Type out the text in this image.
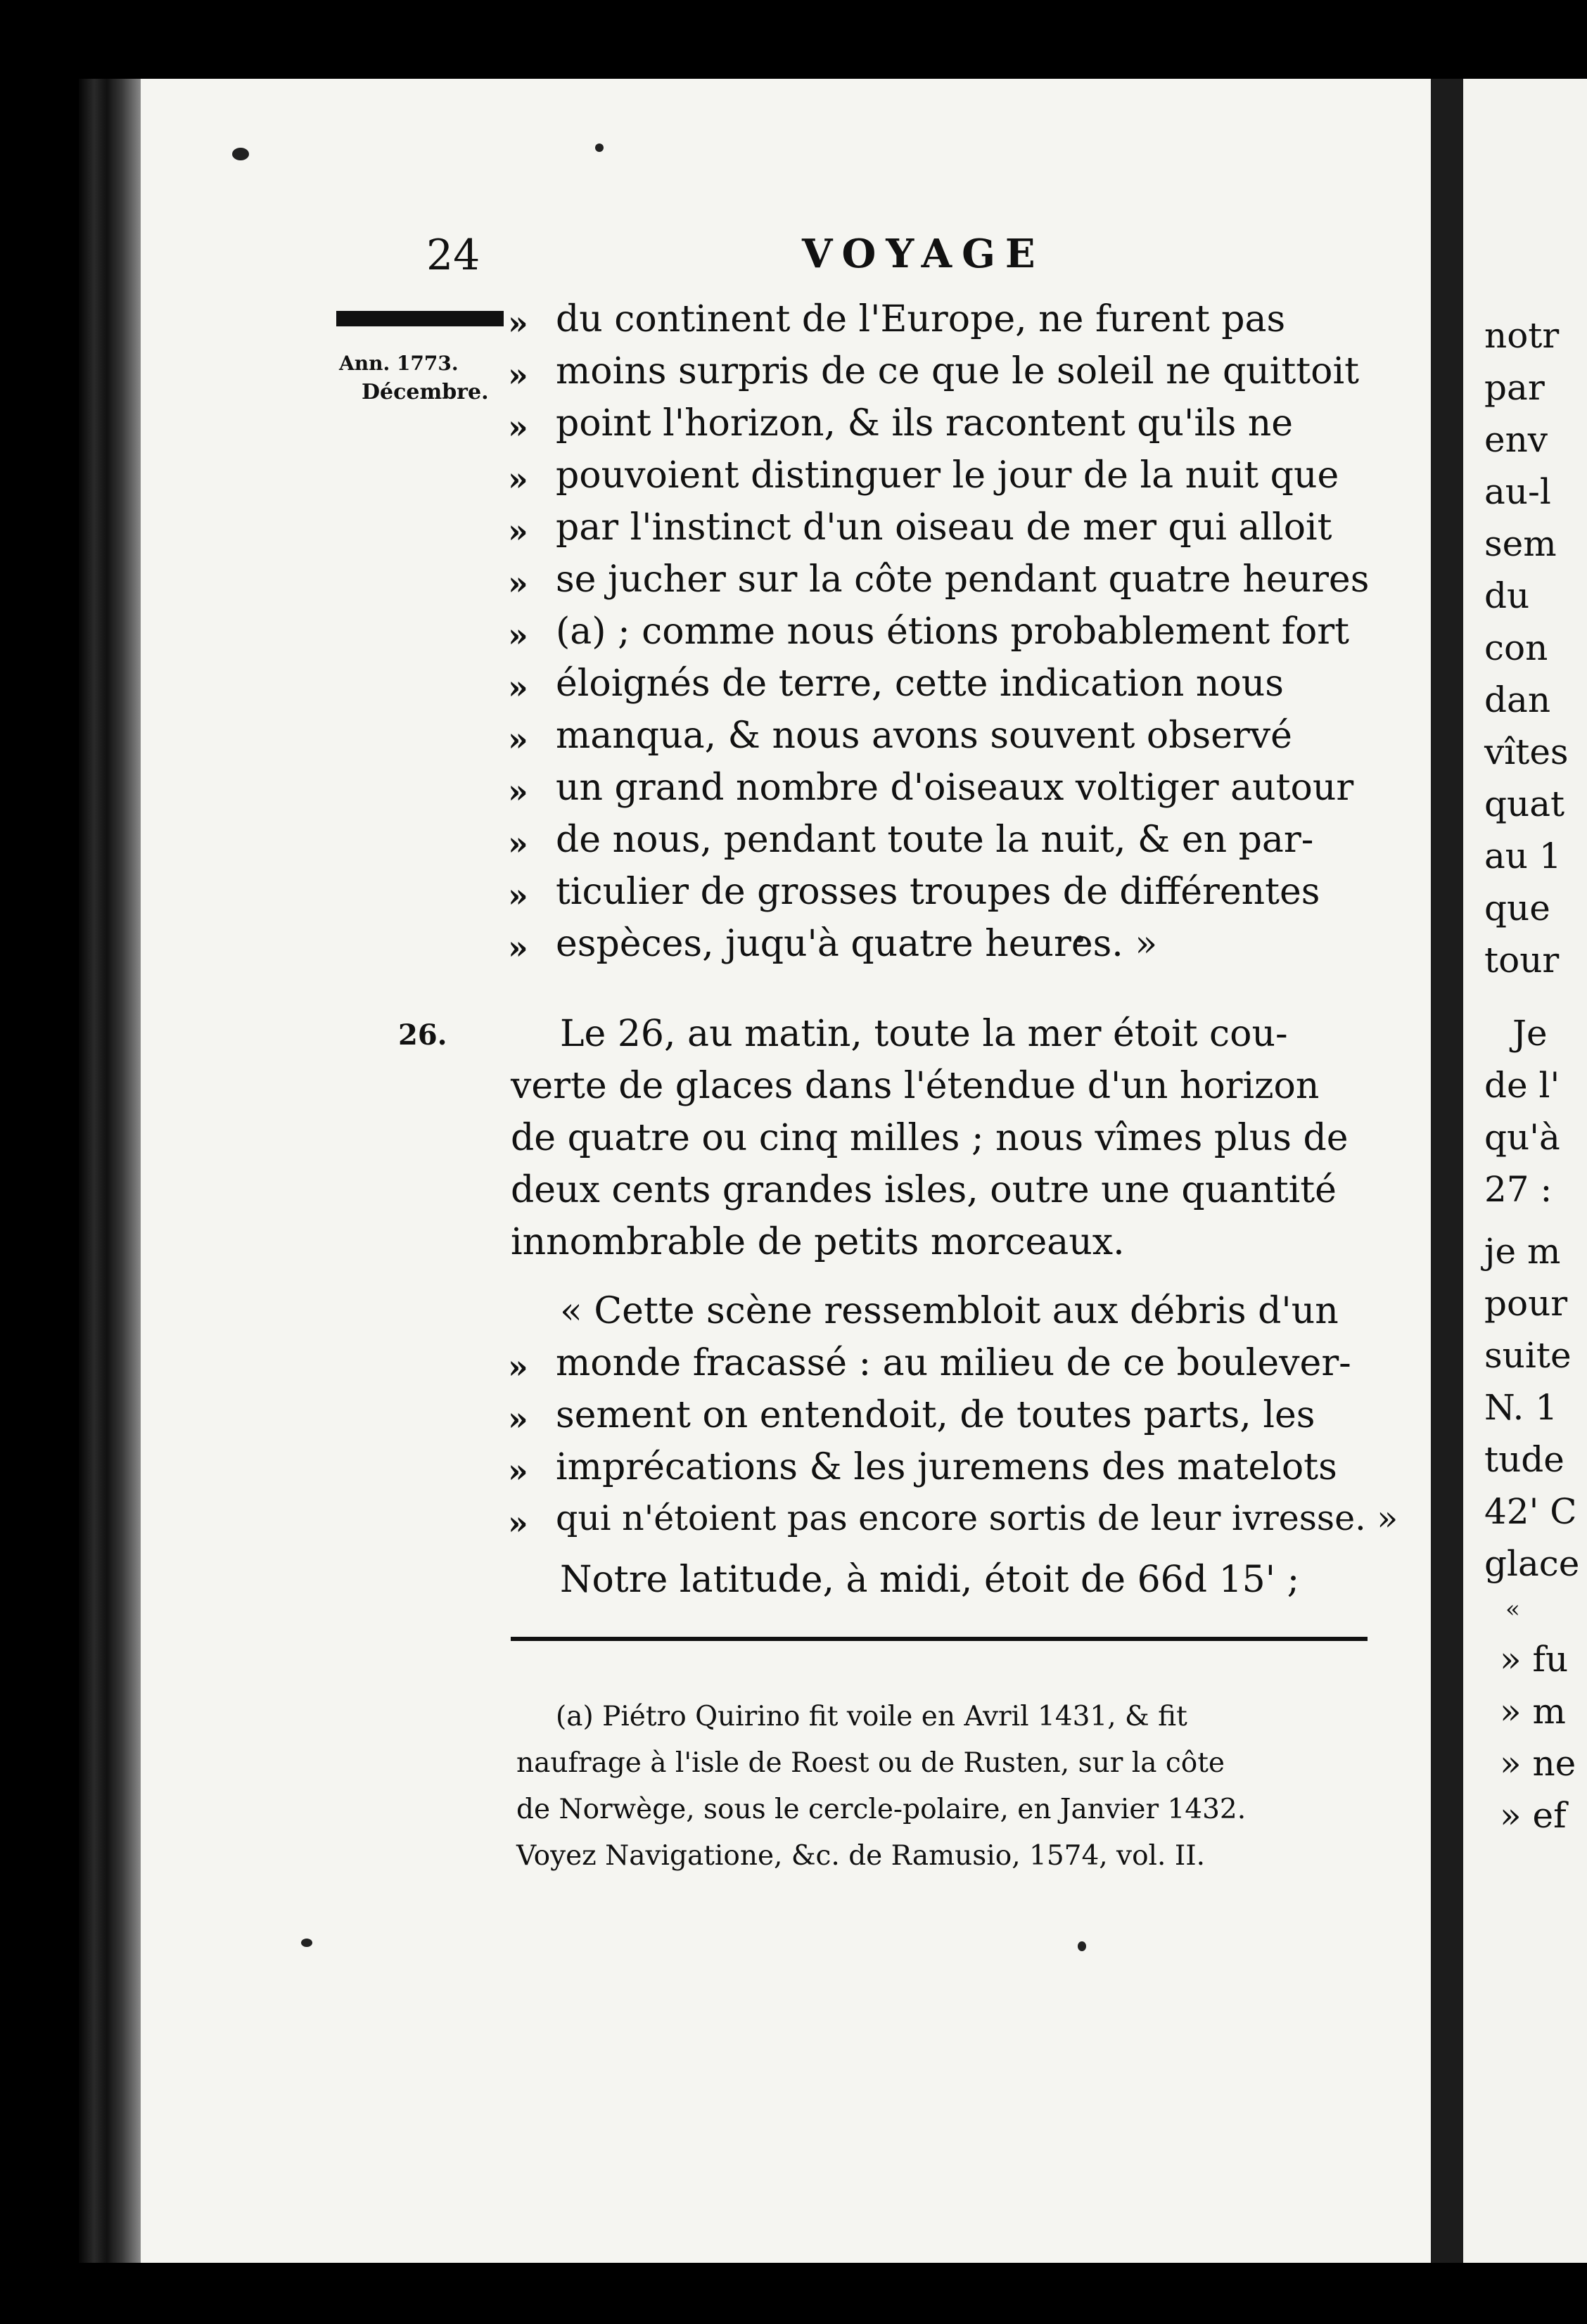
24	VOYAGE
Ann. 1773.
Décembre.
26.
»
»
»
»
»
»
»
»
»
»
»
»
»
»
»
»
»
du continent de l'Europe, ne furent pas
moins surpris de ce que le soleil ne quittoit
point l'horizon, & ils racontent qu'ils ne
pouvoient distinguer le jour de la nuit que
par l'instinct d'un oiseau de mer qui alloit
se jucher sur la côte pendant quatre heures
(a) ; comme nous étions probablement fort
éloignés de terre, cette indication nous
manqua, & nous avons souvent observé
un grand nombre d'oiseaux voltiger autour
de nous, pendant toute la nuit, & en par-
ticulier de grosses troupes de différentes
espèces, juqu'à quatre heures. »
Le 26, au matin, toute la mer étoit cou-
verte de glaces dans l'étendue d'un horizon
de quatre ou cinq milles ; nous vîmes plus de
deux cents grandes isles, outre une quantité
innombrable de petits morceaux.
« Cette scène ressembloit aux débris d'un
monde fracassé : au milieu de ce boulever-
sement on entendoit, de toutes parts, les
imprécations & les juremens des matelots
qui n'étoient pas encore sortis de leur ivresse. »
Notre latitude, à midi, étoit de 66d 15' ;
(a) Piétro Quirino fit voile en Avril 1431, & fit
naufrage à l'isle de Roest ou de Rusten, sur la côte
de Norwège, sous le cercle-polaire, en Janvier 1432.
Voyez Navigatione, &c. de Ramusio, 1574, vol. II.
notr
par
env
au-l
sem
du
con
dan
vîtes
quat
au 1
que
tour
Je
de l'
qu'à
27 :
je m
pour
suite
N. 1
tude
42' C
glace
«
» fu
» m
» ne
» ef
